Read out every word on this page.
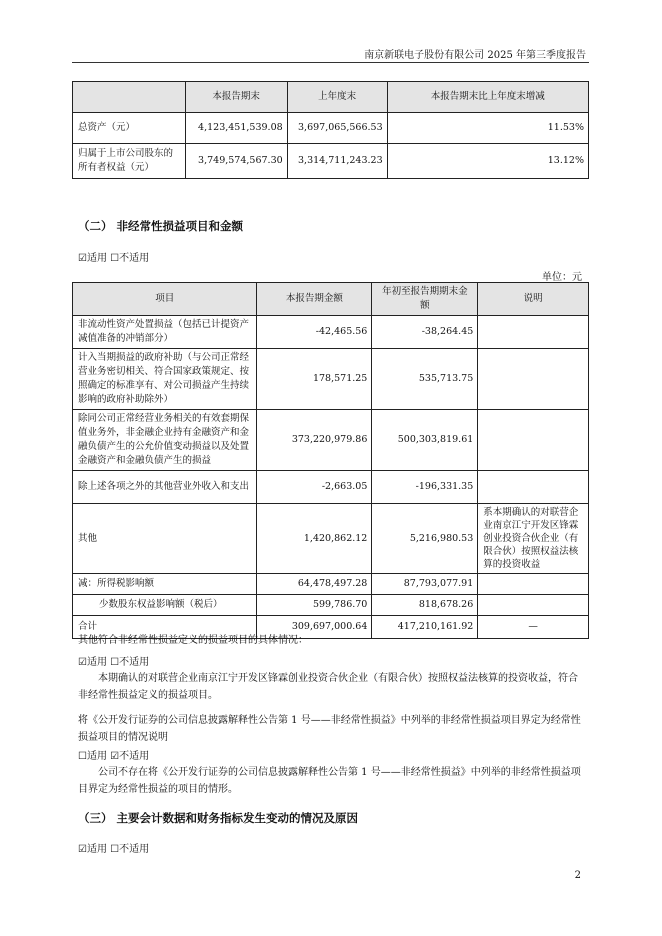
南京新联电子股份有限公司 2025 年第三季度报告
	本报告期末	上年度末	本报告期末比上年度末增减
总资产（元）	4,123,451,539.08	3,697,065,566.53	11.53%
归属于上市公司股东的所有者权益（元）	3,749,574,567.30	3,314,711,243.23	13.12%
（二） 非经常性损益项目和金额
☑适用 ☐不适用
单位：元
项目	本报告期金额	年初至报告期期末金额	说明
非流动性资产处置损益（包括已计提资产减值准备的冲销部分）	-42,465.56	-38,264.45	
计入当期损益的政府补助（与公司正常经营业务密切相关、符合国家政策规定、按照确定的标准享有、对公司损益产生持续影响的政府补助除外）	178,571.25	535,713.75	
除同公司正常经营业务相关的有效套期保值业务外，非金融企业持有金融资产和金融负债产生的公允价值变动损益以及处置金融资产和金融负债产生的损益	373,220,979.86	500,303,819.61	
除上述各项之外的其他营业外收入和支出	-2,663.05	-196,331.35	
其他	1,420,862.12	5,216,980.53	系本期确认的对联营企业南京江宁开发区锋霖创业投资合伙企业（有限合伙）按照权益法核算的投资收益
减：所得税影响额	64,478,497.28	87,793,077.91	
少数股东权益影响额（税后）	599,786.70	818,678.26	
合计	309,697,000.64	417,210,161.92	—
其他符合非经常性损益定义的损益项目的具体情况：
☑适用 ☐不适用
本期确认的对联营企业南京江宁开发区锋霖创业投资合伙企业（有限合伙）按照权益法核算的投资收益，符合非经常性损益定义的损益项目。
将《公开发行证券的公司信息披露解释性公告第 1 号——非经常性损益》中列举的非经常性损益项目界定为经常性损益项目的情况说明
☐适用 ☑不适用
公司不存在将《公开发行证券的公司信息披露解释性公告第 1 号——非经常性损益》中列举的非经常性损益项目界定为经常性损益的项目的情形。
（三） 主要会计数据和财务指标发生变动的情况及原因
☑适用 ☐不适用
2
